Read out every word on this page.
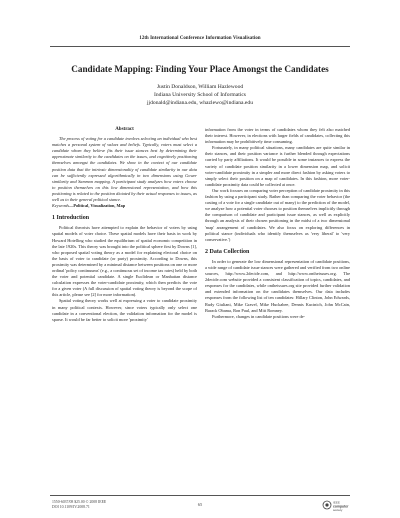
12th International Conference Information Visualisation
Candidate Mapping: Finding Your Place Amongst the Candidates
Justin Donaldson, William Hazlewood
Indiana University School of Informatics
jjdonald@indiana.edu, whazlewo@indiana.edu
Abstract

The process of voting for a candidate involves selecting an individual who best matches a personal system of values and beliefs. Typically, voters must select a candidate whom they believe fits their issue stances best by determining their approximate similarity to the candidates on the issues, and cognitively positioning themselves amongst the candidates. We show in the context of our candidate position data that the intrinsic dimensionality of candidate similarity in our data can be sufficiently expressed algorithmically in two dimensions using Gower similarity and Sammon mapping. A participant study analyzes how voters choose to position themselves on this low dimensional representation, and how this positioning is related to the position dictated by their actual responses to issues, as well as to their general political stance.

Keywords—Political, Visualization, Map

1 Introduction

Political theorists have attempted to explain the behavior of voters by using spatial models of voter choice. These spatial models have their basis in work by Howard Hotelling who studied the equilibrium of spatial economic competition in the late 1920s. This theory was brought into the political sphere first by Downs [1], who proposed spatial voting theory as a model for explaining electoral choice on the basis of voter to candidate (or party) proximity. According to Downs, this proximity was determined by a minimal distance between positions on one or more ordinal 'policy continuums' (e.g., a continuous set of income tax rates) held by both the voter and potential candidate. A single Euclidean or Manhattan distance calculation expresses the voter-candidate proximity, which then predicts the vote for a given voter (A full discussion of spatial voting theory is beyond the scope of this article, please see [2] for more information).

Spatial voting theory works well at expressing a voter to candidate proximity in many political contexts. However, since voters typically only select one candidate in a conventional election, the validation information for the model is sparse. It would be far better to solicit more 'proximity'

information from the voter in terms of candidates whom they felt also matched their interest. However, in elections with larger fields of candidates, collecting this information may be prohibitively time consuming.

Fortunately, in many political situations, many candidates are quite similar in their stances, and their position variance is further blended through expectations carried by party affiliations. It would be possible in some instances to express the variety of candidate position similarity in a lower dimension map, and solicit voter-candidate proximity in a simpler and more direct fashion by asking voters to simply select their position on a map of candidates. In this fashion, more voter-candidate proximity data could be collected at once.

Our work focuses on comparing voter perception of candidate proximity in this fashion by using a participant study. Rather than comparing the voter behavior (the casting of a vote for a single candidate out of many) to the prediction of the model, we analyze how a potential voter chooses to position themselves implicitly through the comparison of candidate and participant issue stances, as well as explicitly through an analysis of their chosen positioning in the midst of a two dimensional 'map' arrangement of candidates. We also focus on exploring differences in political stance (individuals who identify themselves as 'very liberal' to 'very conservative.')

2 Data Collection

In order to generate the low dimensional representation of candidate positions, a wide range of candidate issue stances were gathered and verified from two online sources, http://www.2decide.com, and http://www.ontheissues.org. The 2decide.com website provided a consistent classification of topics, candidates, and responses for the candidates, while ontheissues.org site provided further validation and extended information on the candidates themselves. Our data includes responses from the following list of ten candidates: Hillary Clinton, John Edwards, Rudy Giuliani, Mike Gravel, Mike Huckabee, Dennis Kucinich, John McCain, Barack Obama, Ron Paul, and Mitt Romney.

Furthermore, changes in candidate positions were de-

1550-6037/08 $25.00 © 2008 IEEE
DOI 10.1109/IV.2008.71	65	IEEE
computer
society
